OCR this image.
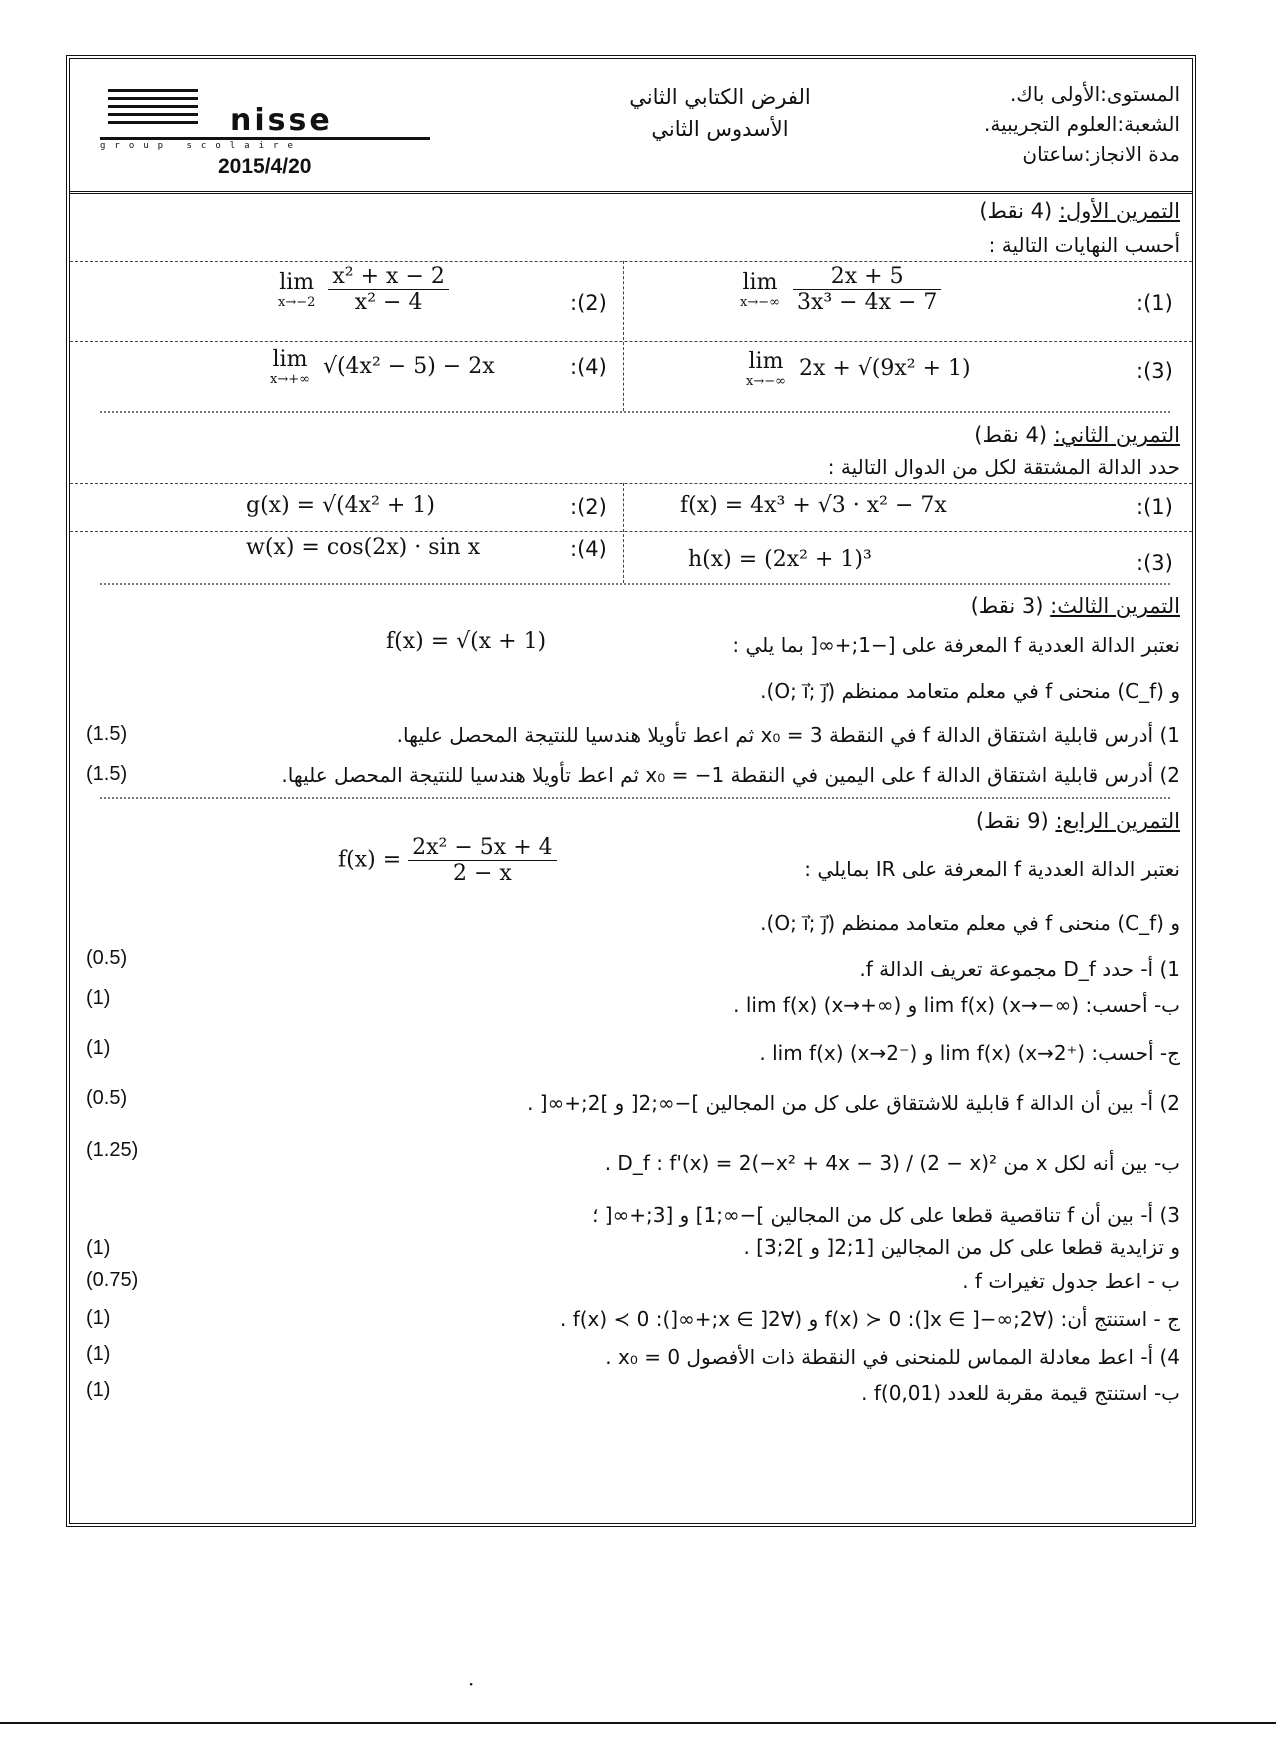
nisse
group scolaire
2015/4/20
الفرض الكتابي الثاني
الأسدوس الثاني
المستوى:الأولى باك.
الشعبة:العلوم التجريبية.
مدة الانجاز:ساعتان
التمرين الأول: (4 نقط)
أحسب النهايات التالية :
:(1)
lim
x→−∞
$\frac{2x + 5}{\text{3x³ − 4x − 7}}$
:(2)
lim
x→−2
$\frac{\text{x² + x − 2}}{\text{x² − 4}}$
:(3)
lim
x→−∞
2x + √(9x² + 1)
:(4)
lim
x→+∞
√(4x² − 5) − 2x
التمرين الثاني: (4 نقط)
حدد الدالة المشتقة لكل من الدوال التالية :
:(1)
f(x) = 4x³ + √3 · x² − 7x
:(2)
g(x) = √(4x² + 1)
:(3)
h(x) = (2x² + 1)³
:(4)
w(x) = cos(2x) · sin x
التمرين الثالث: (3 نقط)
نعتبر الدالة العددية f المعرفة على [−1;+∞[ بما يلي :
f(x) = √(x + 1)
و (C_f) منحنى f في معلم متعامد ممنظم (O; i⃗; j⃗).
1) أدرس قابلية اشتقاق الدالة f في النقطة x₀ = 3 ثم اعط تأويلا هندسيا للنتيجة المحصل عليها.
(1.5)
2) أدرس قابلية اشتقاق الدالة f على اليمين في النقطة x₀ = −1 ثم اعط تأويلا هندسيا للنتيجة المحصل عليها.
(1.5)
التمرين الرابع: (9 نقط)
نعتبر الدالة العددية f المعرفة على IR بمايلي :
$f(x) = \frac{\text{2x² − 5x + 4}}{2 - x}$
و (C_f) منحنى f في معلم متعامد ممنظم (O; i⃗; j⃗).
1) أ- حدد D_f مجموعة تعريف الدالة f.
(0.5)
ب- أحسب: lim f(x) (x→−∞) و lim f(x) (x→+∞) .
(1)
ج- أحسب: lim f(x) (x→2⁺) و lim f(x) (x→2⁻) .
(1)
2) أ- بين أن الدالة f قابلية للاشتقاق على كل من المجالين ]−∞;2[ و ]2;+∞[ .
(0.5)
ب- بين أنه لكل x من D_f : f'(x) = 2(−x² + 4x − 3) / (2 − x)² .
(1.25)
3) أ- بين أن f تناقصية قطعا على كل من المجالين ]−∞;1] و [3;+∞[ ؛
و تزايدية قطعا على كل من المجالين [1;2[ و ]2;3] .
(1)
ب - اعط جدول تغيرات f .
(0.75)
ج - استنتج أن: (∀x ∈ ]−∞;2[): f(x) ≻ 0 و (∀x ∈ ]2;+∞[): f(x) ≺ 0 .
(1)
4) أ- اعط معادلة المماس للمنحنى في النقطة ذات الأفصول x₀ = 0 .
(1)
ب- استنتج قيمة مقربة للعدد f(0,01) .
(1)
·
